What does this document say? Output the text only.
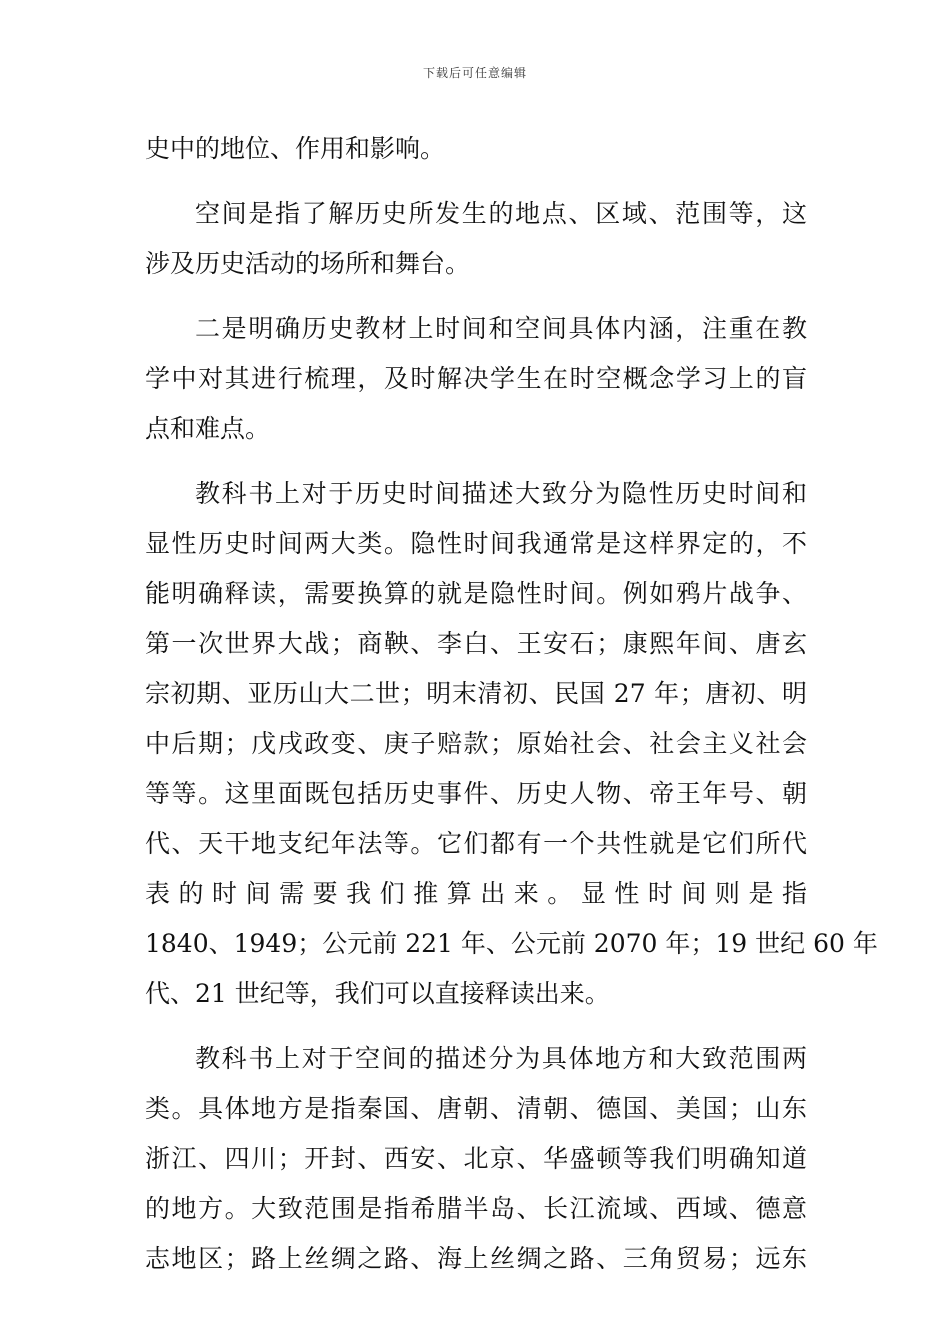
下载后可任意编辑
史中的地位、作用和影响。
空间是指了解历史所发生的地点、区域、范围等，这
涉及历史活动的场所和舞台。
二是明确历史教材上时间和空间具体内涵，注重在教
学中对其进行梳理，及时解决学生在时空概念学习上的盲
点和难点。
教科书上对于历史时间描述大致分为隐性历史时间和
显性历史时间两大类。隐性时间我通常是这样界定的，不
能明确释读，需要换算的就是隐性时间。例如鸦片战争、
第一次世界大战；商鞅、李白、王安石；康熙年间、唐玄
宗初期、亚历山大二世；明末清初、民国 27 年；唐初、明
中后期；戊戌政变、庚子赔款；原始社会、社会主义社会
等等。这里面既包括历史事件、历史人物、帝王年号、朝
代、天干地支纪年法等。它们都有一个共性就是它们所代
表的时间需要我们推算出来。显性时间则是指
1840、1949；公元前 221 年、公元前 2070 年；19 世纪 60 年
代、21 世纪等，我们可以直接释读出来。
教科书上对于空间的描述分为具体地方和大致范围两
类。具体地方是指秦国、唐朝、清朝、德国、美国；山东
浙江、四川；开封、西安、北京、华盛顿等我们明确知道
的地方。大致范围是指希腊半岛、长江流域、西域、德意
志地区；路上丝绸之路、海上丝绸之路、三角贸易；远东
